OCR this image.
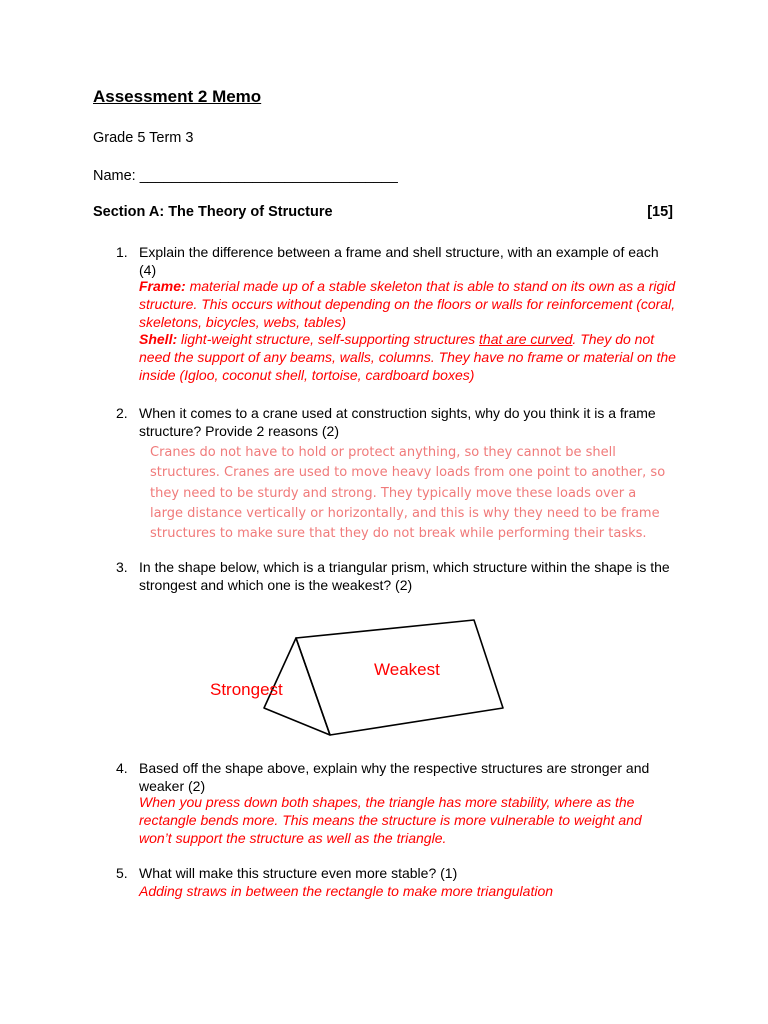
Assessment 2 Memo
Grade 5 Term 3
Name: ________________________________
Section A: The Theory of Structure	[15]
1. Explain the difference between a frame and shell structure, with an example of each (4)
Frame: material made up of a stable skeleton that is able to stand on its own as a rigid structure. This occurs without depending on the floors or walls for reinforcement (coral, skeletons, bicycles, webs, tables)
Shell: light-weight structure, self-supporting structures that are curved. They do not need the support of any beams, walls, columns. They have no frame or material on the inside (Igloo, coconut shell, tortoise, cardboard boxes)
2. When it comes to a crane used at construction sights, why do you think it is a frame structure? Provide 2 reasons (2)
Cranes do not have to hold or protect anything, so they cannot be shell structures. Cranes are used to move heavy loads from one point to another, so they need to be sturdy and strong. They typically move these loads over a large distance vertically or horizontally, and this is why they need to be frame structures to make sure that they do not break while performing their tasks.
3. In the shape below, which is a triangular prism, which structure within the shape is the strongest and which one is the weakest? (2)
Strongest
Weakest
4. Based off the shape above, explain why the respective structures are stronger and weaker (2)
When you press down both shapes, the triangle has more stability, where as the rectangle bends more. This means the structure is more vulnerable to weight and won’t support the structure as well as the triangle.
5. What will make this structure even more stable? (1)
Adding straws in between the rectangle to make more triangulation
